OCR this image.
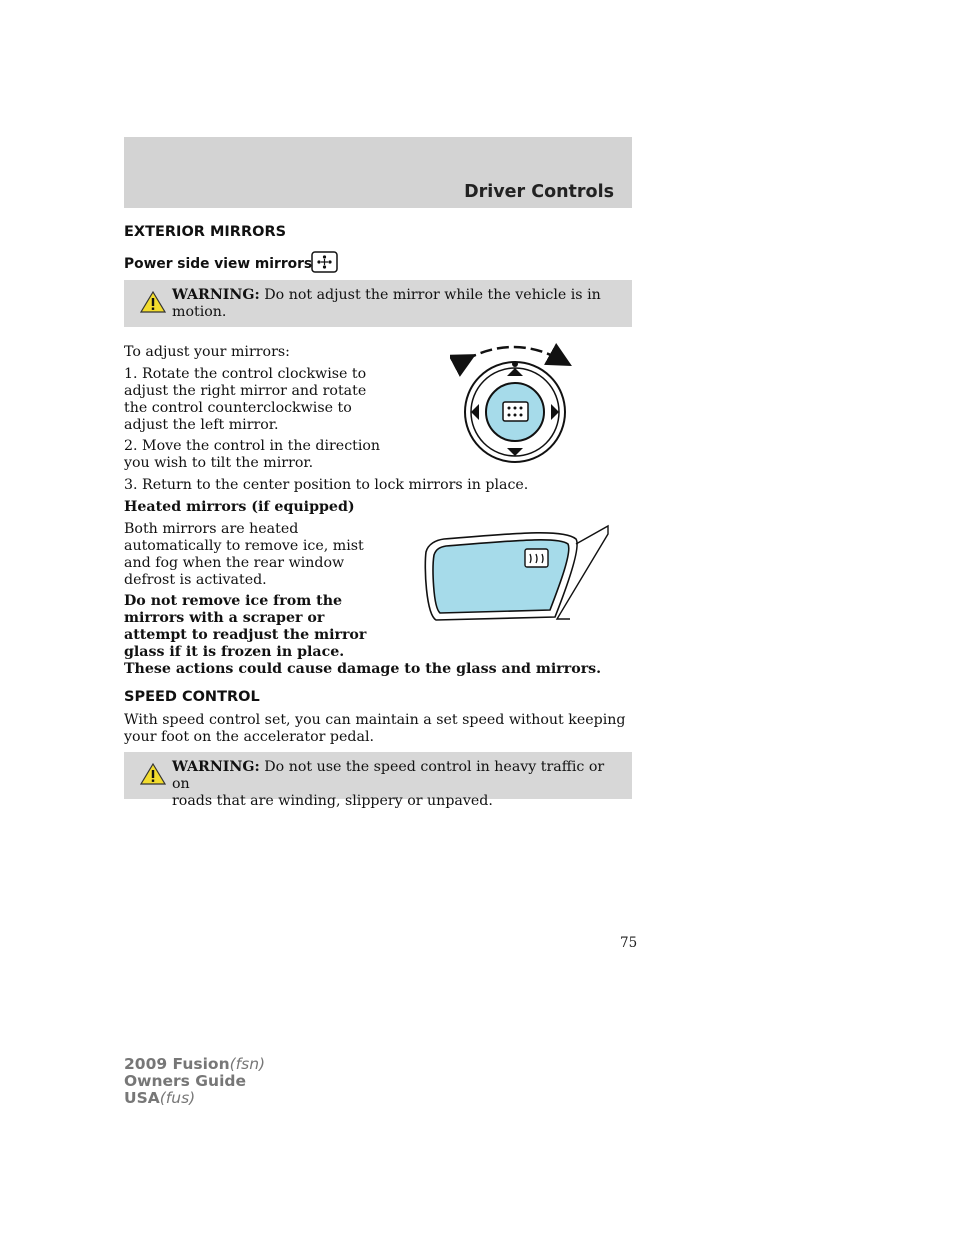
Driver Controls
EXTERIOR MIRRORS
Power side view mirrors
WARNING: Do not adjust the mirror while the vehicle is in
motion.
To adjust your mirrors:
1. Rotate the control clockwise to
adjust the right mirror and rotate
the control counterclockwise to
adjust the left mirror.
2. Move the control in the direction
you wish to tilt the mirror.
3. Return to the center position to lock mirrors in place.
Heated mirrors (if equipped)
Both mirrors are heated
automatically to remove ice, mist
and fog when the rear window
defrost is activated.
Do not remove ice from the
mirrors with a scraper or
attempt to readjust the mirror
glass if it is frozen in place.
These actions could cause damage to the glass and mirrors.
SPEED CONTROL
With speed control set, you can maintain a set speed without keeping
your foot on the accelerator pedal.
WARNING: Do not use the speed control in heavy traffic or on
roads that are winding, slippery or unpaved.
75
2009 Fusion(fsn)
Owners Guide
USA(fus)
